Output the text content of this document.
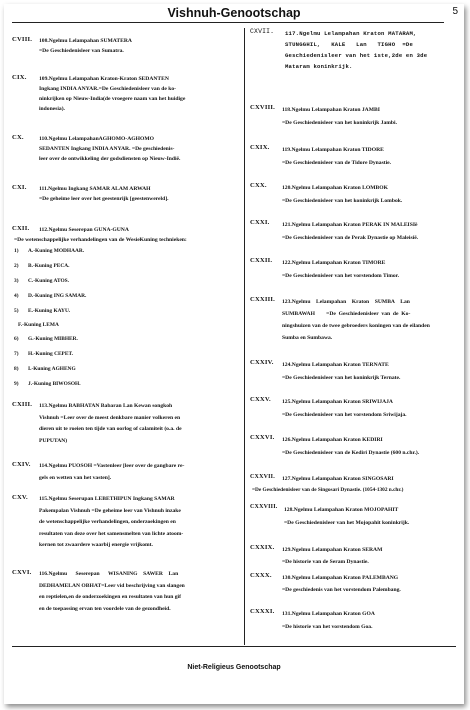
Vishnuh-Genootschap	5
CVIII. 108.Ngelmu Lelampahan SUMATERA
=De Geschiedenisleer van Sumatra.
CIX. 109.Ngelmu Lelampahan Kraton-Kraton SEDANTEN
Ingkang INDIA ANYAR.=De Geschiedenisleer van de ko-
ninkrijken op Nieuw-India(de vroegere naam van het huidige
indonesia).
CX.	110.Ngelmu LelampahanAGHOMO-AGHOMO
SEDANTEN Ingkang INDIA ANYAR. =De geschiedenis-
leer over de ontwikkeling der godsdiensten op Nieuw-Indië.
CXI. 111.Ngelmu Ingkang SAMAR ALAM ARWAH
=De geheime leer over het geestenrijk [geestenwereld].
CXII. 112.Ngelmu Seserepan GUNA-GUNA
=De wetenschappelijke verhandelingen van de WesieKuning technieken:
1) A.-Kuning MODHAAR.
2) B.-Kuning PECA.
3) C.-Kuning ATOS.
4) D.-Kuning ING SAMAR.
5) E.-Kuning KAYU.
F.-Kuning LEMA
6) G.-Kuning MIBHER.
7) H.-Kuning CEPET.
8) I.-Kuning AGHENG
9) J.-Kuning BIWOSOH.
CXIII. 113.Ngelmu BABHATAN Babaran Lan Kewan songkoh
Vishnuh =Leer over de meest denkbare manier volkeren en
dieren uit te roeien ten tijde van oorlog of calamiteit (o.a. de
PUPUTAN)
CXIV. 114.Ngelmu PUOSOH =Vastenleer [leer over de gangbare re-
gels en wetten van het vasten].
CXV. 115.Ngelmu Seserupan LEBETHIPUN Ingkang SAMAR
Pakempalan Vishnuh =De geheime leer van Vishnuh inzake
de wetenschappelijke verhandelingen, onderzoekingen en
resultaten van deze over het samensmelten van lichte atoom-
kernen tot zwaardere waarbij energie vrijkomt.
CXVI. 116.Ngelmu      Seserepan      WISANING    SAWER    Lan
DEDHAMELAN OBHAT=Leer vid beschrijving van slangen
en reptielen,en de onderzoekingen en resultaten van hun gif
en de toepassing ervan ten voordele van de gezondheid.
CXVII. 117.Ngelmu Lelampahan Kraton MATARAM,
STUNGGHIL,   KALE   Lan   TIGHO  =De
Geschiedenisleer van het 1ste,2de en 3de
Mataram koninkrijk.
CXVIII. 118.Ngelmu Lelampahan Kraton JAMBI
=De Geschiedenisleer van het koninkrijk Jambi.
CXIX. 119.Ngelmu Lelampahan Kraton TIDORE
=De Geschiedenisleer van de Tidore Dynastie.
CXX.	120.Ngelmu Lelampahan Kraton LOMBOK
=De Geschiedenisleer van het koninkrijk Lombok.
CXXI. 121.Ngelmu Lelampahan Kraton PERAK IN MALEISIë
=De Geschiedenisleer van de Perak Dynastie op Maleisië.
CXXII. 122.Ngelmu Lelampahan Kraton TIMORE
=De Geschiedenisleer van het vorstendom Timor.
CXXIII. 123.Ngelmu    Lelampahan    Kraton    SUMBA    Lan
SUMBAWAH        =De  Geschiedenisleer  van  de  Ko-
ningshuizen van de twee gebroeders koningen van de eilanden
Sumba en Sumbawa.
CXXIV. 124.Ngelmu Lelampahan Kraton TERNATE
=De Geschiedenisleer van het koninkrijk Ternate.
CXXV. 125.Ngelmu Lelampahan Kraton SRIWIJAJA
=De Geschiedenisleer van het vorstendom Sriwijaja.
CXXVI. 126.Ngelmu Lelampahan Kraton KEDIRI
=De Geschiedenisleer van de Kediri Dynastie (600 n.chr.).
CXXVII. 127.Ngelmu Lelampahan Kraton SINGOSARI
=De Geschiedenisleer van de Singosari Dynastie. (1054-1302 n.chr.)
CXXVIII. 128.Ngelmu Lelampahan Kraton MOJOPAHIT
=De Geschiedenisleer van het Mojopahit koninkrijk.
CXXIX. 129.Ngelmu Lelampahan Kraton SERAM
=De historie van de Seram Dynastie.
CXXX. 130.Ngelmu Lelampahan Kraton PALEMBANG
=De geschiedenis van het vorstendom Palembang.
CXXXI. 131.Ngelmu Lelampahan Kraton GOA
=De historie van het vorstendom Goa.
Niet-Religieus Genootschap
